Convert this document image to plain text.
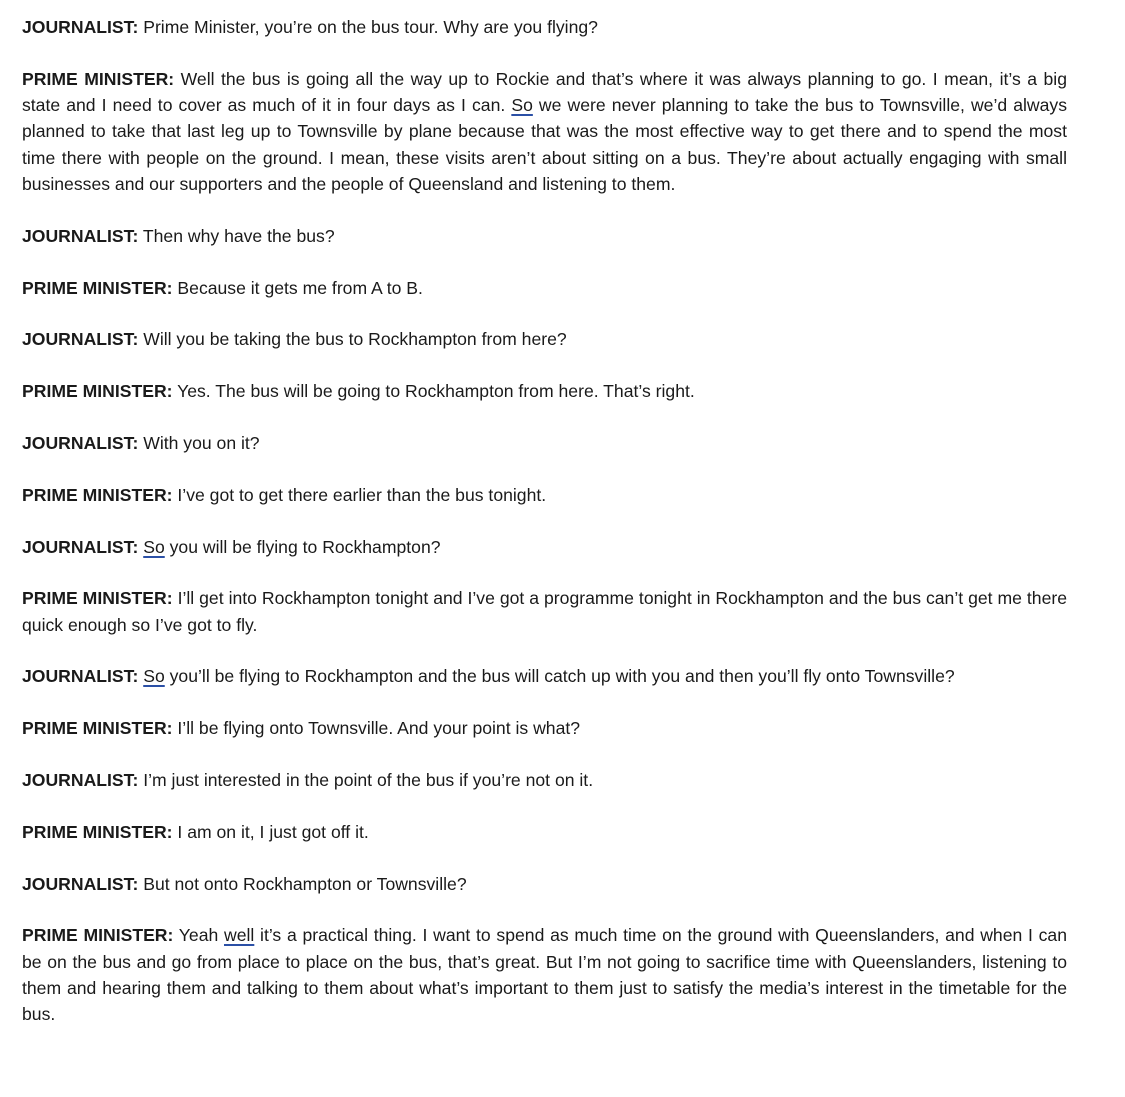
JOURNALIST: Prime Minister, you’re on the bus tour. Why are you flying?

PRIME MINISTER: Well the bus is going all the way up to Rockie and that’s where it was always planning to go. I mean, it’s a big state and I need to cover as much of it in four days as I can. So we were never planning to take the bus to Townsville, we’d always planned to take that last leg up to Townsville by plane because that was the most effective way to get there and to spend the most time there with people on the ground. I mean, these visits aren’t about sitting on a bus. They’re about actually engaging with small businesses and our supporters and the people of Queensland and listening to them.

JOURNALIST: Then why have the bus?

PRIME MINISTER: Because it gets me from A to B.

JOURNALIST: Will you be taking the bus to Rockhampton from here?

PRIME MINISTER: Yes. The bus will be going to Rockhampton from here. That’s right.

JOURNALIST: With you on it?

PRIME MINISTER: I’ve got to get there earlier than the bus tonight.

JOURNALIST: So you will be flying to Rockhampton?

PRIME MINISTER: I’ll get into Rockhampton tonight and I’ve got a programme tonight in Rockhampton and the bus can’t get me there quick enough so I’ve got to fly.

JOURNALIST: So you’ll be flying to Rockhampton and the bus will catch up with you and then you’ll fly onto Townsville?

PRIME MINISTER: I’ll be flying onto Townsville. And your point is what?

JOURNALIST: I’m just interested in the point of the bus if you’re not on it.

PRIME MINISTER: I am on it, I just got off it.

JOURNALIST: But not onto Rockhampton or Townsville?

PRIME MINISTER: Yeah well it’s a practical thing. I want to spend as much time on the ground with Queenslanders, and when I can be on the bus and go from place to place on the bus, that’s great. But I’m not going to sacrifice time with Queenslanders, listening to them and hearing them and talking to them about what’s important to them just to satisfy the media’s interest in the timetable for the bus.
